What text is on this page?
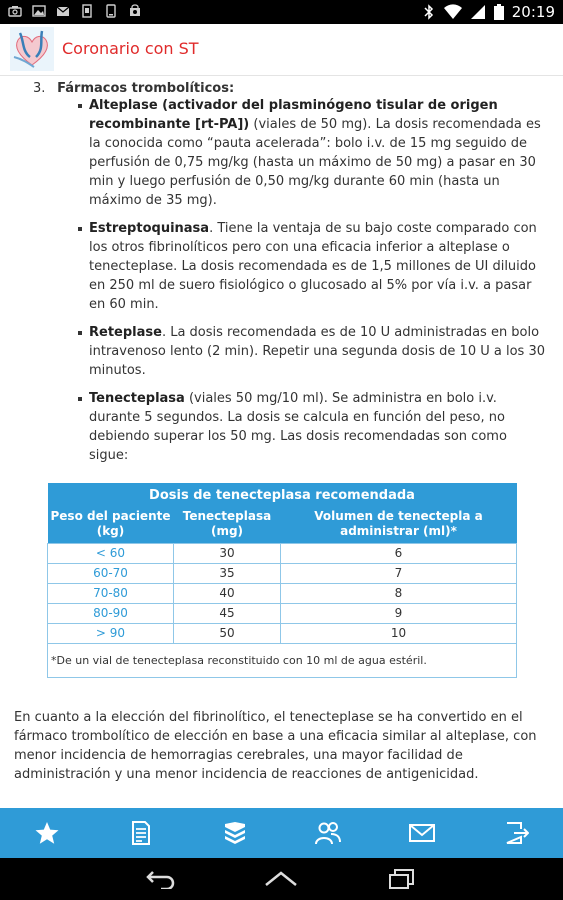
20:19
Coronario con ST
3. Fármacos trombolíticos:
Alteplase (activador del plasminógeno tisular de origen recombinante [rt-PA]) (viales de 50 mg). La dosis recomendada es la conocida como “pauta acelerada”: bolo i.v. de 15 mg seguido de perfusión de 0,75 mg/kg (hasta un máximo de 50 mg) a pasar en 30 min y luego perfusión de 0,50 mg/kg durante 60 min (hasta un máximo de 35 mg).
Estreptoquinasa. Tiene la ventaja de su bajo coste comparado con los otros fibrinolíticos pero con una eficacia inferior a alteplase o tenecteplase. La dosis recomendada es de 1,5 millones de UI diluido en 250 ml de suero fisiológico o glucosado al 5% por vía i.v. a pasar en 60 min.
Reteplase. La dosis recomendada es de 10 U administradas en bolo intravenoso lento (2 min). Repetir una segunda dosis de 10 U a los 30 minutos.
Tenecteplasa (viales 50 mg/10 ml). Se administra en bolo i.v. durante 5 segundos. La dosis se calcula en función del peso, no debiendo superar los 50 mg. Las dosis recomendadas son como sigue:
Dosis de tenecteplasa recomendada		
Peso del paciente (kg)	Tenecteplasa (mg)	Volumen de tenectepla a administrar (ml)*
< 60	30	6
60-70	35	7
70-80	40	8
80-90	45	9
> 90	50	10
*De un vial de tenecteplasa reconstituido con 10 ml de agua estéril.		

En cuanto a la elección del fibrinolítico, el tenecteplase se ha convertido en el fármaco trombolítico de elección en base a una eficacia similar al alteplase, con menor incidencia de hemorragias cerebrales, una mayor facilidad de administración y una menor incidencia de reacciones de antigenicidad.
